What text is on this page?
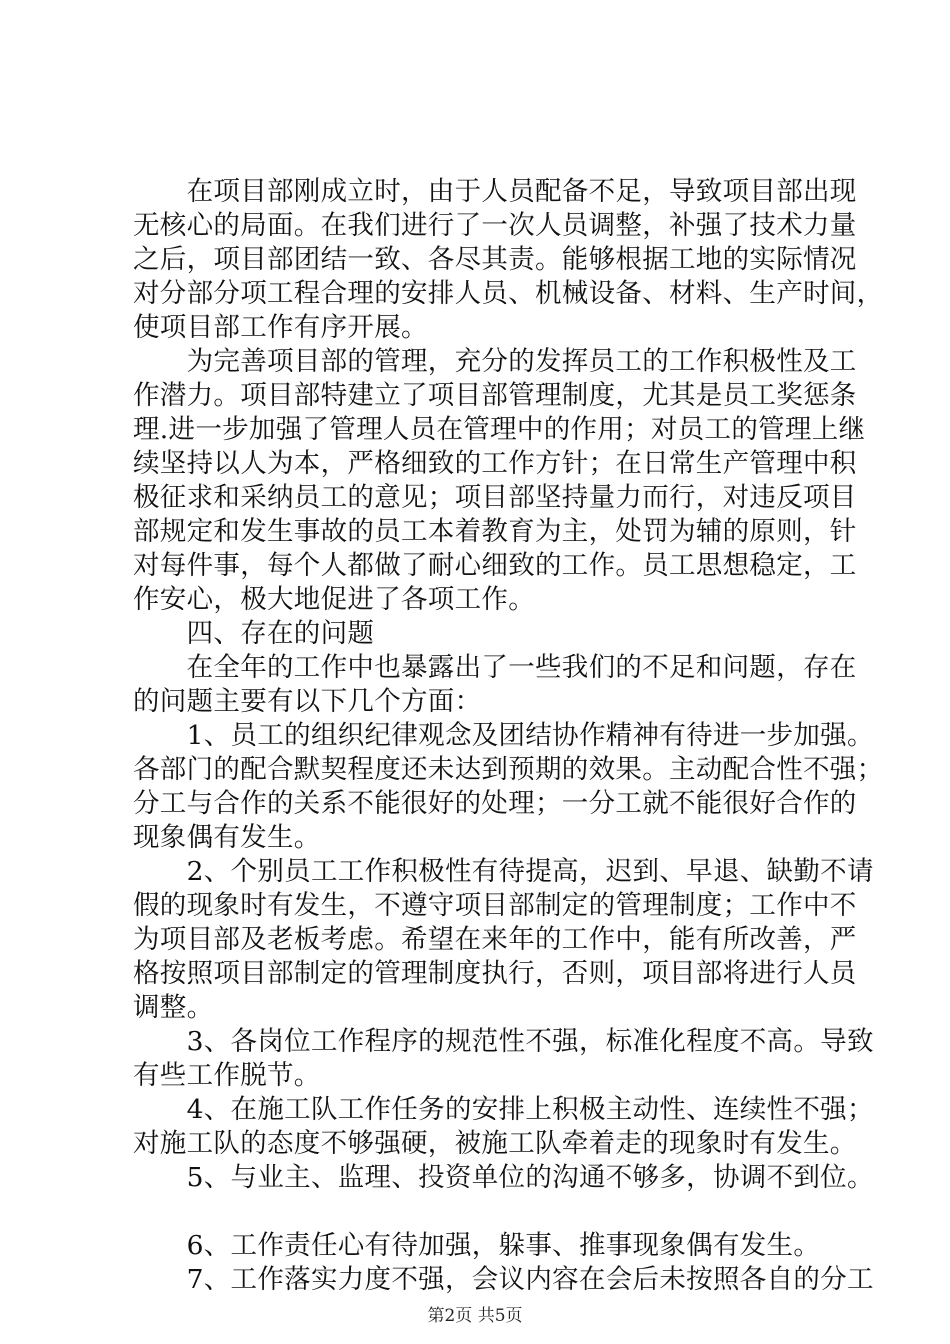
　　在项目部刚成立时，由于人员配备不足，导致项目部出现
无核心的局面。在我们进行了一次人员调整，补强了技术力量
之后，项目部团结一致、各尽其责。能够根据工地的实际情况
对分部分项工程合理的安排人员、机械设备、材料、生产时间，
使项目部工作有序开展。
　　为完善项目部的管理，充分的发挥员工的工作积极性及工
作潜力。项目部特建立了项目部管理制度，尤其是员工奖惩条
理.进一步加强了管理人员在管理中的作用；对员工的管理上继
续坚持以人为本，严格细致的工作方针；在日常生产管理中积
极征求和采纳员工的意见；项目部坚持量力而行，对违反项目
部规定和发生事故的员工本着教育为主，处罚为辅的原则，针
对每件事，每个人都做了耐心细致的工作。员工思想稳定，工
作安心，极大地促进了各项工作。
　　四、存在的问题
　　在全年的工作中也暴露出了一些我们的不足和问题，存在
的问题主要有以下几个方面：
　　1、员工的组织纪律观念及团结协作精神有待进一步加强。
各部门的配合默契程度还未达到预期的效果。主动配合性不强；
分工与合作的关系不能很好的处理；一分工就不能很好合作的
现象偶有发生。
　　2、个别员工工作积极性有待提高，迟到、早退、缺勤不请
假的现象时有发生，不遵守项目部制定的管理制度；工作中不
为项目部及老板考虑。希望在来年的工作中，能有所改善，严
格按照项目部制定的管理制度执行，否则，项目部将进行人员
调整。
　　3、各岗位工作程序的规范性不强，标准化程度不高。导致
有些工作脱节。
　　4、在施工队工作任务的安排上积极主动性、连续性不强；
对施工队的态度不够强硬，被施工队牵着走的现象时有发生。
　　5、与业主、监理、投资单位的沟通不够多，协调不到位。
　　6、工作责任心有待加强，躲事、推事现象偶有发生。
　　7、工作落实力度不强，会议内容在会后未按照各自的分工
第2页 共5页
